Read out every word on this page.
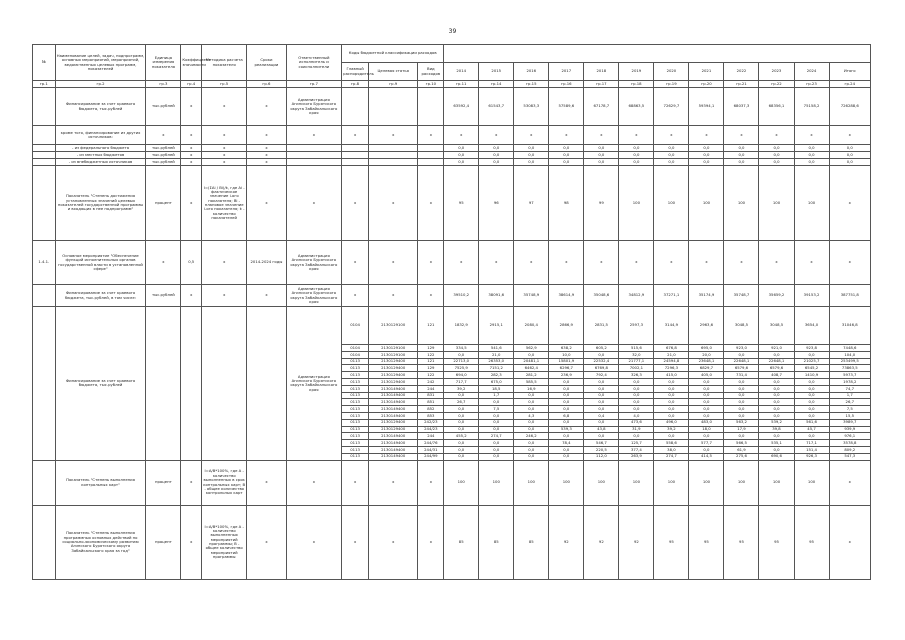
39
№	Наименование целей, задач, подпрограмм, основных мероприятий, мероприятий, ведомственных целевых программ, показателей	Единица измерения показателя	Коэффициент значимости	Методика расчета показателя	Сроки реализации	Ответственный исполнитель и соисполнители	Коды бюджетной классификации расходов														
							Главный распорядитель	Целевая статья	Вид расходов	2014	2015	2016	2017	2018	2019	2020	2021	2022	2023	2024	Итого
гр.1	гр.2	гр.3	гр.4	гр.5	гр.6	гр.7	гр.8	гр.9	гр.10	гр.11	гр.14	гр.15	гр.16	гр.17	гр.18	гр.19	гр.20	гр.21	гр.22	гр.23	гр.24
	Финансирование за счет краевого бюджета, тыс.рублей	тыс.рублей	х	х	х	Администрация Агинского Бурятского округа Забайкальского края				63592,4	61543,7	53083,3	57589,6	67178,7	68863,5	72629,7	59394,1	68037,3	68356,1	75158,2	726288,6
	кроме того, финансирование из других источников:	х	х	х	х	х	х	х	х	х	х	х	х	х	х	х	х	х	х	х	х
	- из федерального бюджета	тыс.рублей	х	х	х					0,0	0,0	0,0	0,0	0,0	0,0	0,0	0,0	0,0	0,0	0,0	0,0
	- из местных бюджетов	тыс.рублей	х	х	х					0,0	0,0	0,0	0,0	0,0	0,0	0,0	0,0	0,0	0,0	0,0	0,0
	- из внебюджетных источников	тыс.рублей	х	х	х					0,0	0,0	0,0	0,0	0,0	0,0	0,0	0,0	0,0	0,0	0,0	0,0
	Показатель "Степень достижения установленных значений целевых показателей государственной программы и входящих в нее подпрограмм"	процент	х	I=(ΣAi / Bi)/k, где Ai - фактическое значение i-ого показателя; Bi - плановое значение i-ого показателя; k - количество показателей	х	х	х	х	х	95	96	97	98	99	100	100	100	100	100	100	х
1.4.1.	Основное мероприятие "Обеспечение функций исполнительных органов государственной власти в установленной сфере"	х	0,5	х	2014-2024 годы	Администрация Агинского Бурятского округа Забайкальского края	х	х	х	х	х	х	х	х	х	х	х	х	х	х	х
	Финансирование за счет краевого бюджета, тыс.рублей, в том числе:	тыс.рублей	х	х	х	Администрация Агинского Бурятского округа Забайкальского края	х	х	х	39510,2	38091,6	35748,9	38614,9	35048,6	34812,9	37271,1	35174,9	35748,7	35659,2	39153,2	387751,8
	Финансирование за счет краевого бюджета, тыс.рублей					Администрация Агинского Бурятского округа Забайкальского края	0104	2130129100	121	1832,9	2915,1	2080,4	2866,9	2831,5	2597,3	3144,9	2963,6	3048,5	3048,5	3654,0	31046,8
							0104	2130129100	129	334,5	541,6	562,9	638,2	605,2	515,6	676,8	695,0	923,0	921,0	923,8	7448,6
							0104	2130129100	122	0,0	21,0	0,0	10,0	0,0	32,0	21,0	20,0	0,0	0,0	0,0	104,0
							0113	2130129400	121	22713,0	26353,0	20481,1	15801,9	22532,4	21777,1	24594,8	23648,1	22648,1	22648,1	21025,7	253499,5
							0113	2130129400	129	7525,9	7151,2	6462,4	6296,7	6769,8	7002,1	7296,3	6829,7	6579,6	6579,6	6545,2	73863,5
							0113	2130129400	122	694,0	282,3	281,2	236,9	792,4	326,3	415,0	405,0	731,4	408,7	1410,9	5973,7
							0113	2130129400	242	717,7	675,0	585,5	0,0	0,0	0,0	0,0	0,0	0,0	0,0	0,0	1978,2
							0113	2130149400	244	39,2	18,5	16,9	0,0	0,0	0,0	0,0	0,0	0,0	0,0	0,0	74,7
							0113	2130149400	831	0,0	1,7	0,0	0,0	0,0	0,0	0,0	0,0	0,0	0,0	0,0	1,7
							0113	2130149400	851	26,7	0,0	0,0	0,0	0,0	0,0	0,0	0,0	0,0	0,0	0,0	26,7
							0113	2130149400	852	0,0	7,5	0,0	0,0	0,0	0,0	0,0	0,0	0,0	0,0	0,0	7,5
							0113	2130149400	853	0,0	0,0	4,3	6,8	0,4	4,0	0,0	0,0	0,0	0,0	0,0	15,5
							0113	2130129400	242/23	0,0	0,0	0,0	0,0	0,0	473,6	496,0	483,0	563,2	539,2	561,6	3989,7
							0113	2130129400	244/23	0,0	0,0	0,0	539,3	43,8	31,9	39,2	18,0	17,9	39,8	45,7	939,9
							0113	2130149400	244	455,2	274,7	246,2	0,0	0,0	0,0	0,0	0,0	0,0	0,0	0,0	976,1
							0113	2130149400	244/76	0,0	0,0	0,0	78,4	546,7	125,7	558,6	577,7	566,5	535,1	717,1	3578,8
							0113	2130149400	244/31	0,0	0,0	0,0	0,0	220,5	377,4	38,0	0,0	61,9	0,0	151,4	809,2
							0113	2130149400	244/99	0,0	0,0	0,0	0,0	112,0	263,9	274,7	414,5	275,6	690,6	926,3	547,3
	Показатель "Степень выполнения контрольных карт"	процент	х	I=A/B*100%, где A - количество выполненных в срок контрольных карт; B - общее количество контрольных карт	х	х	х	х	х	100	100	100	100	100	100	100	100	100	100	100	х
	Показатель "Степень выполнения программных основных действий по социально-экономическому развитию Агинского Бурятского округа Забайкальского края за год"	процент	х	I=A/B*100%, где A - количество выполненных мероприятий программы; B - общее количество мероприятий программы	х	х	х	х	х	85	85	85	92	92	92	95	95	95	95	95	х
